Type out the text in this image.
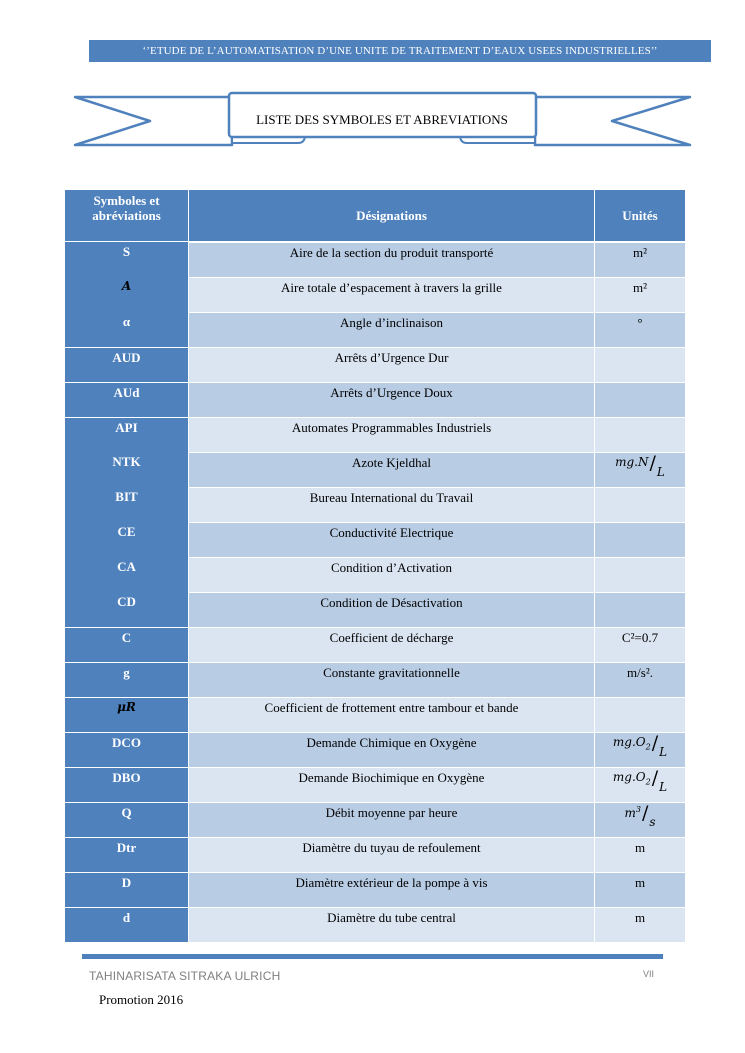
‘’ETUDE DE L’AUTOMATISATION D’UNE UNITE DE TRAITEMENT D’EAUX USEES INDUSTRIELLES’’
LISTE DES SYMBOLES ET ABREVIATIONS
Symboles et abréviations	Désignations	Unités
S	Aire de la section du produit transporté	m²
A	Aire totale d’espacement à travers la grille	m²
α	Angle d’inclinaison	°
AUD	Arrêts d’Urgence Dur
AUd	Arrêts d’Urgence Doux
API	Automates Programmables Industriels
NTK	Azote Kjeldhal	mg.N / L
BIT	Bureau International du Travail
CE	Conductivité Electrique
CA	Condition d’Activation
CD	Condition de Désactivation
C	Coefficient de décharge	C²=0.7
g	Constante gravitationnelle	m/s².
μR	Coefficient de frottement entre tambour et bande
DCO	Demande Chimique en Oxygène	$mg.O_2$ / L
DBO	Demande Biochimique en Oxygène	$mg.O_2$ / L
Q	Débit moyenne par heure	$m^3$ / s
Dtr	Diamètre du tuyau de refoulement	m
D	Diamètre extérieur de la pompe à vis	m
d	Diamètre du tube central	m
TAHINARISATA SITRAKA ULRICH	VII
Promotion 2016
